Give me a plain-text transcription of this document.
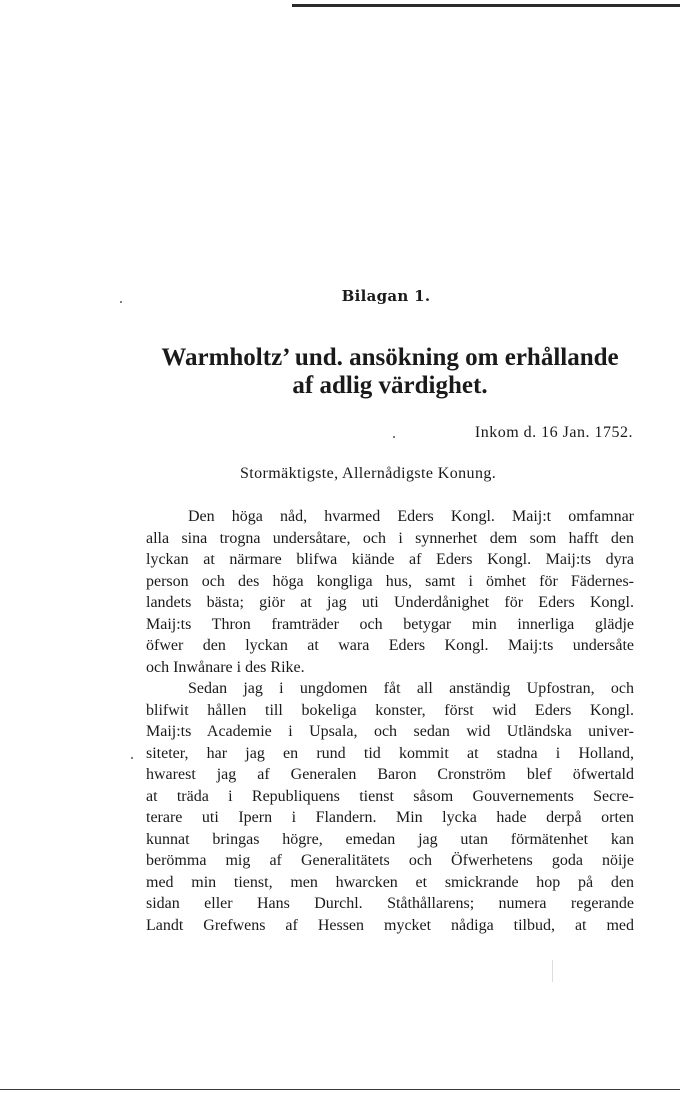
Bilagan 1.
Warmholtz’ und. ansökning om erhållande
af adlig värdighet.
Inkom d. 16 Jan. 1752.
Stormäktigste, Allernådigste Konung.
Den höga nåd, hvarmed Eders Kongl. Maij:t omfamnar
alla sina trogna undersåtare, och i synnerhet dem som hafft den
lyckan at närmare blifwa kiände af Eders Kongl. Maij:ts dyra
person och des höga kongliga hus, samt i ömhet för Fädernes-
landets bästa; giör at jag uti Underdånighet för Eders Kongl.
Maij:ts Thron framträder och betygar min innerliga glädje
öfwer den lyckan at wara Eders Kongl. Maij:ts undersåte
och Inwånare i des Rike.
Sedan jag i ungdomen fåt all anständig Upfostran, och
blifwit hållen till bokeliga konster, först wid Eders Kongl.
Maij:ts Academie i Upsala, och sedan wid Utländska univer-
siteter, har jag en rund tid kommit at stadna i Holland,
hwarest jag af Generalen Baron Cronström blef öfwertald
at träda i Republiquens tienst såsom Gouvernements Secre-
terare uti Ipern i Flandern. Min lycka hade derpå orten
kunnat bringas högre, emedan jag utan förmätenhet kan
berömma mig af Generalitätets och Öfwerhetens goda nöije
med min tienst, men hwarcken et smickrande hop på den
sidan eller Hans Durchl. Ståthållarens; numera regerande
Landt Grefwens af Hessen mycket nådiga tilbud, at med
